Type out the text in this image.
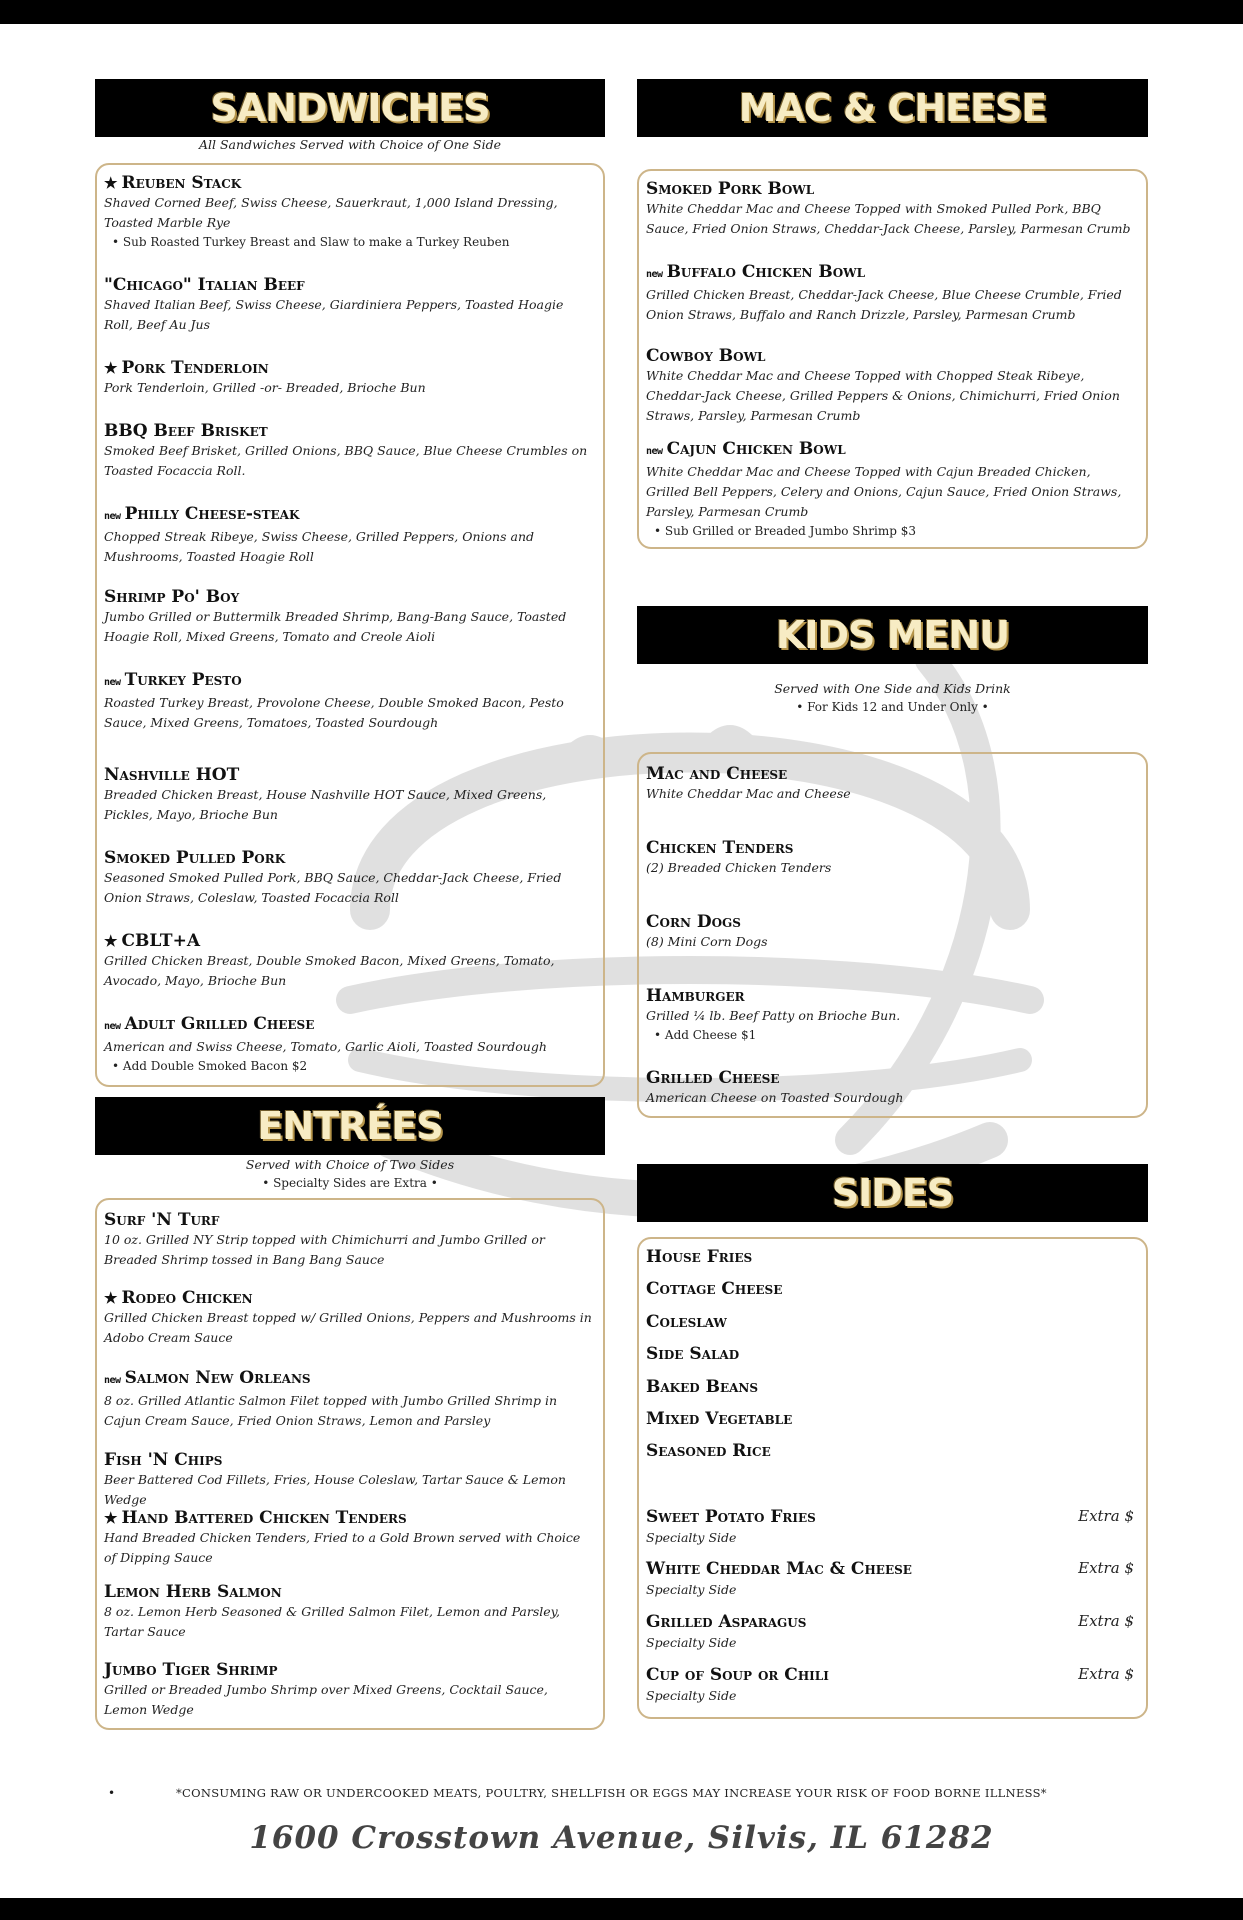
SANDWICHES
All Sandwiches Served with Choice of One Side
★ Reuben Stack
Shaved Corned Beef, Swiss Cheese, Sauerkraut, 1,000 Island Dressing, Toasted Marble Rye
• Sub Roasted Turkey Breast and Slaw to make a Turkey Reuben
"Chicago" Italian Beef
Shaved Italian Beef, Swiss Cheese, Giardiniera Peppers, Toasted Hoagie Roll, Beef Au Jus
★ Pork Tenderloin
Pork Tenderloin, Grilled -or- Breaded, Brioche Bun
BBQ Beef Brisket
Smoked Beef Brisket, Grilled Onions, BBQ Sauce, Blue Cheese Crumbles on Toasted Focaccia Roll.
new Philly Cheese-steak
Chopped Streak Ribeye, Swiss Cheese, Grilled Peppers, Onions and Mushrooms, Toasted Hoagie Roll
Shrimp Po' Boy
Jumbo Grilled or Buttermilk Breaded Shrimp, Bang-Bang Sauce, Toasted Hoagie Roll, Mixed Greens, Tomato and Creole Aioli
new Turkey Pesto
Roasted Turkey Breast, Provolone Cheese, Double Smoked Bacon, Pesto Sauce, Mixed Greens, Tomatoes, Toasted Sourdough
Nashville HOT
Breaded Chicken Breast, House Nashville HOT Sauce, Mixed Greens, Pickles, Mayo, Brioche Bun
Smoked Pulled Pork
Seasoned Smoked Pulled Pork, BBQ Sauce, Cheddar-Jack Cheese, Fried Onion Straws, Coleslaw, Toasted Focaccia Roll
★ CBLT+A
Grilled Chicken Breast, Double Smoked Bacon, Mixed Greens, Tomato, Avocado, Mayo, Brioche Bun
new Adult Grilled Cheese
American and Swiss Cheese, Tomato, Garlic Aioli, Toasted Sourdough
• Add Double Smoked Bacon $2
ENTRÉES
Served with Choice of Two Sides
• Specialty Sides are Extra •
Surf 'N Turf
10 oz. Grilled NY Strip topped with Chimichurri and Jumbo Grilled or Breaded Shrimp tossed in Bang Bang Sauce
★ Rodeo Chicken
Grilled Chicken Breast topped w/ Grilled Onions, Peppers and Mushrooms in Adobo Cream Sauce
new Salmon New Orleans
8 oz. Grilled Atlantic Salmon Filet topped with Jumbo Grilled Shrimp in Cajun Cream Sauce, Fried Onion Straws, Lemon and Parsley
Fish 'N Chips
Beer Battered Cod Fillets, Fries, House Coleslaw, Tartar Sauce & Lemon Wedge
★ Hand Battered Chicken Tenders
Hand Breaded Chicken Tenders, Fried to a Gold Brown served with Choice of Dipping Sauce
Lemon Herb Salmon
8 oz. Lemon Herb Seasoned & Grilled Salmon Filet, Lemon and Parsley, Tartar Sauce
Jumbo Tiger Shrimp
Grilled or Breaded Jumbo Shrimp over Mixed Greens, Cocktail Sauce, Lemon Wedge
MAC & CHEESE
Smoked Pork Bowl
White Cheddar Mac and Cheese Topped with Smoked Pulled Pork, BBQ Sauce, Fried Onion Straws, Cheddar-Jack Cheese, Parsley, Parmesan Crumb
new Buffalo Chicken Bowl
Grilled Chicken Breast, Cheddar-Jack Cheese, Blue Cheese Crumble, Fried Onion Straws, Buffalo and Ranch Drizzle, Parsley, Parmesan Crumb
Cowboy Bowl
White Cheddar Mac and Cheese Topped with Chopped Steak Ribeye, Cheddar-Jack Cheese, Grilled Peppers & Onions, Chimichurri, Fried Onion Straws, Parsley, Parmesan Crumb
new Cajun Chicken Bowl
White Cheddar Mac and Cheese Topped with Cajun Breaded Chicken, Grilled Bell Peppers, Celery and Onions, Cajun Sauce, Fried Onion Straws, Parsley, Parmesan Crumb
• Sub Grilled or Breaded Jumbo Shrimp $3
KIDS MENU
Served with One Side and Kids Drink
• For Kids 12 and Under Only •
Mac and Cheese
White Cheddar Mac and Cheese
Chicken Tenders
(2) Breaded Chicken Tenders
Corn Dogs
(8) Mini Corn Dogs
Hamburger
Grilled ¼ lb. Beef Patty on Brioche Bun.
• Add Cheese $1
Grilled Cheese
American Cheese on Toasted Sourdough
SIDES
House Fries
Cottage Cheese
Coleslaw
Side Salad
Baked Beans
Mixed Vegetable
Seasoned Rice
Sweet Potato Fries	Extra $
Specialty Side
White Cheddar Mac & Cheese	Extra $
Specialty Side
Grilled Asparagus	Extra $
Specialty Side
Cup of Soup or Chili	Extra $
Specialty Side
•	*CONSUMING RAW OR UNDERCOOKED MEATS, POULTRY, SHELLFISH OR EGGS MAY INCREASE YOUR RISK OF FOOD BORNE ILLNESS*
1600 Crosstown Avenue, Silvis, IL 61282
